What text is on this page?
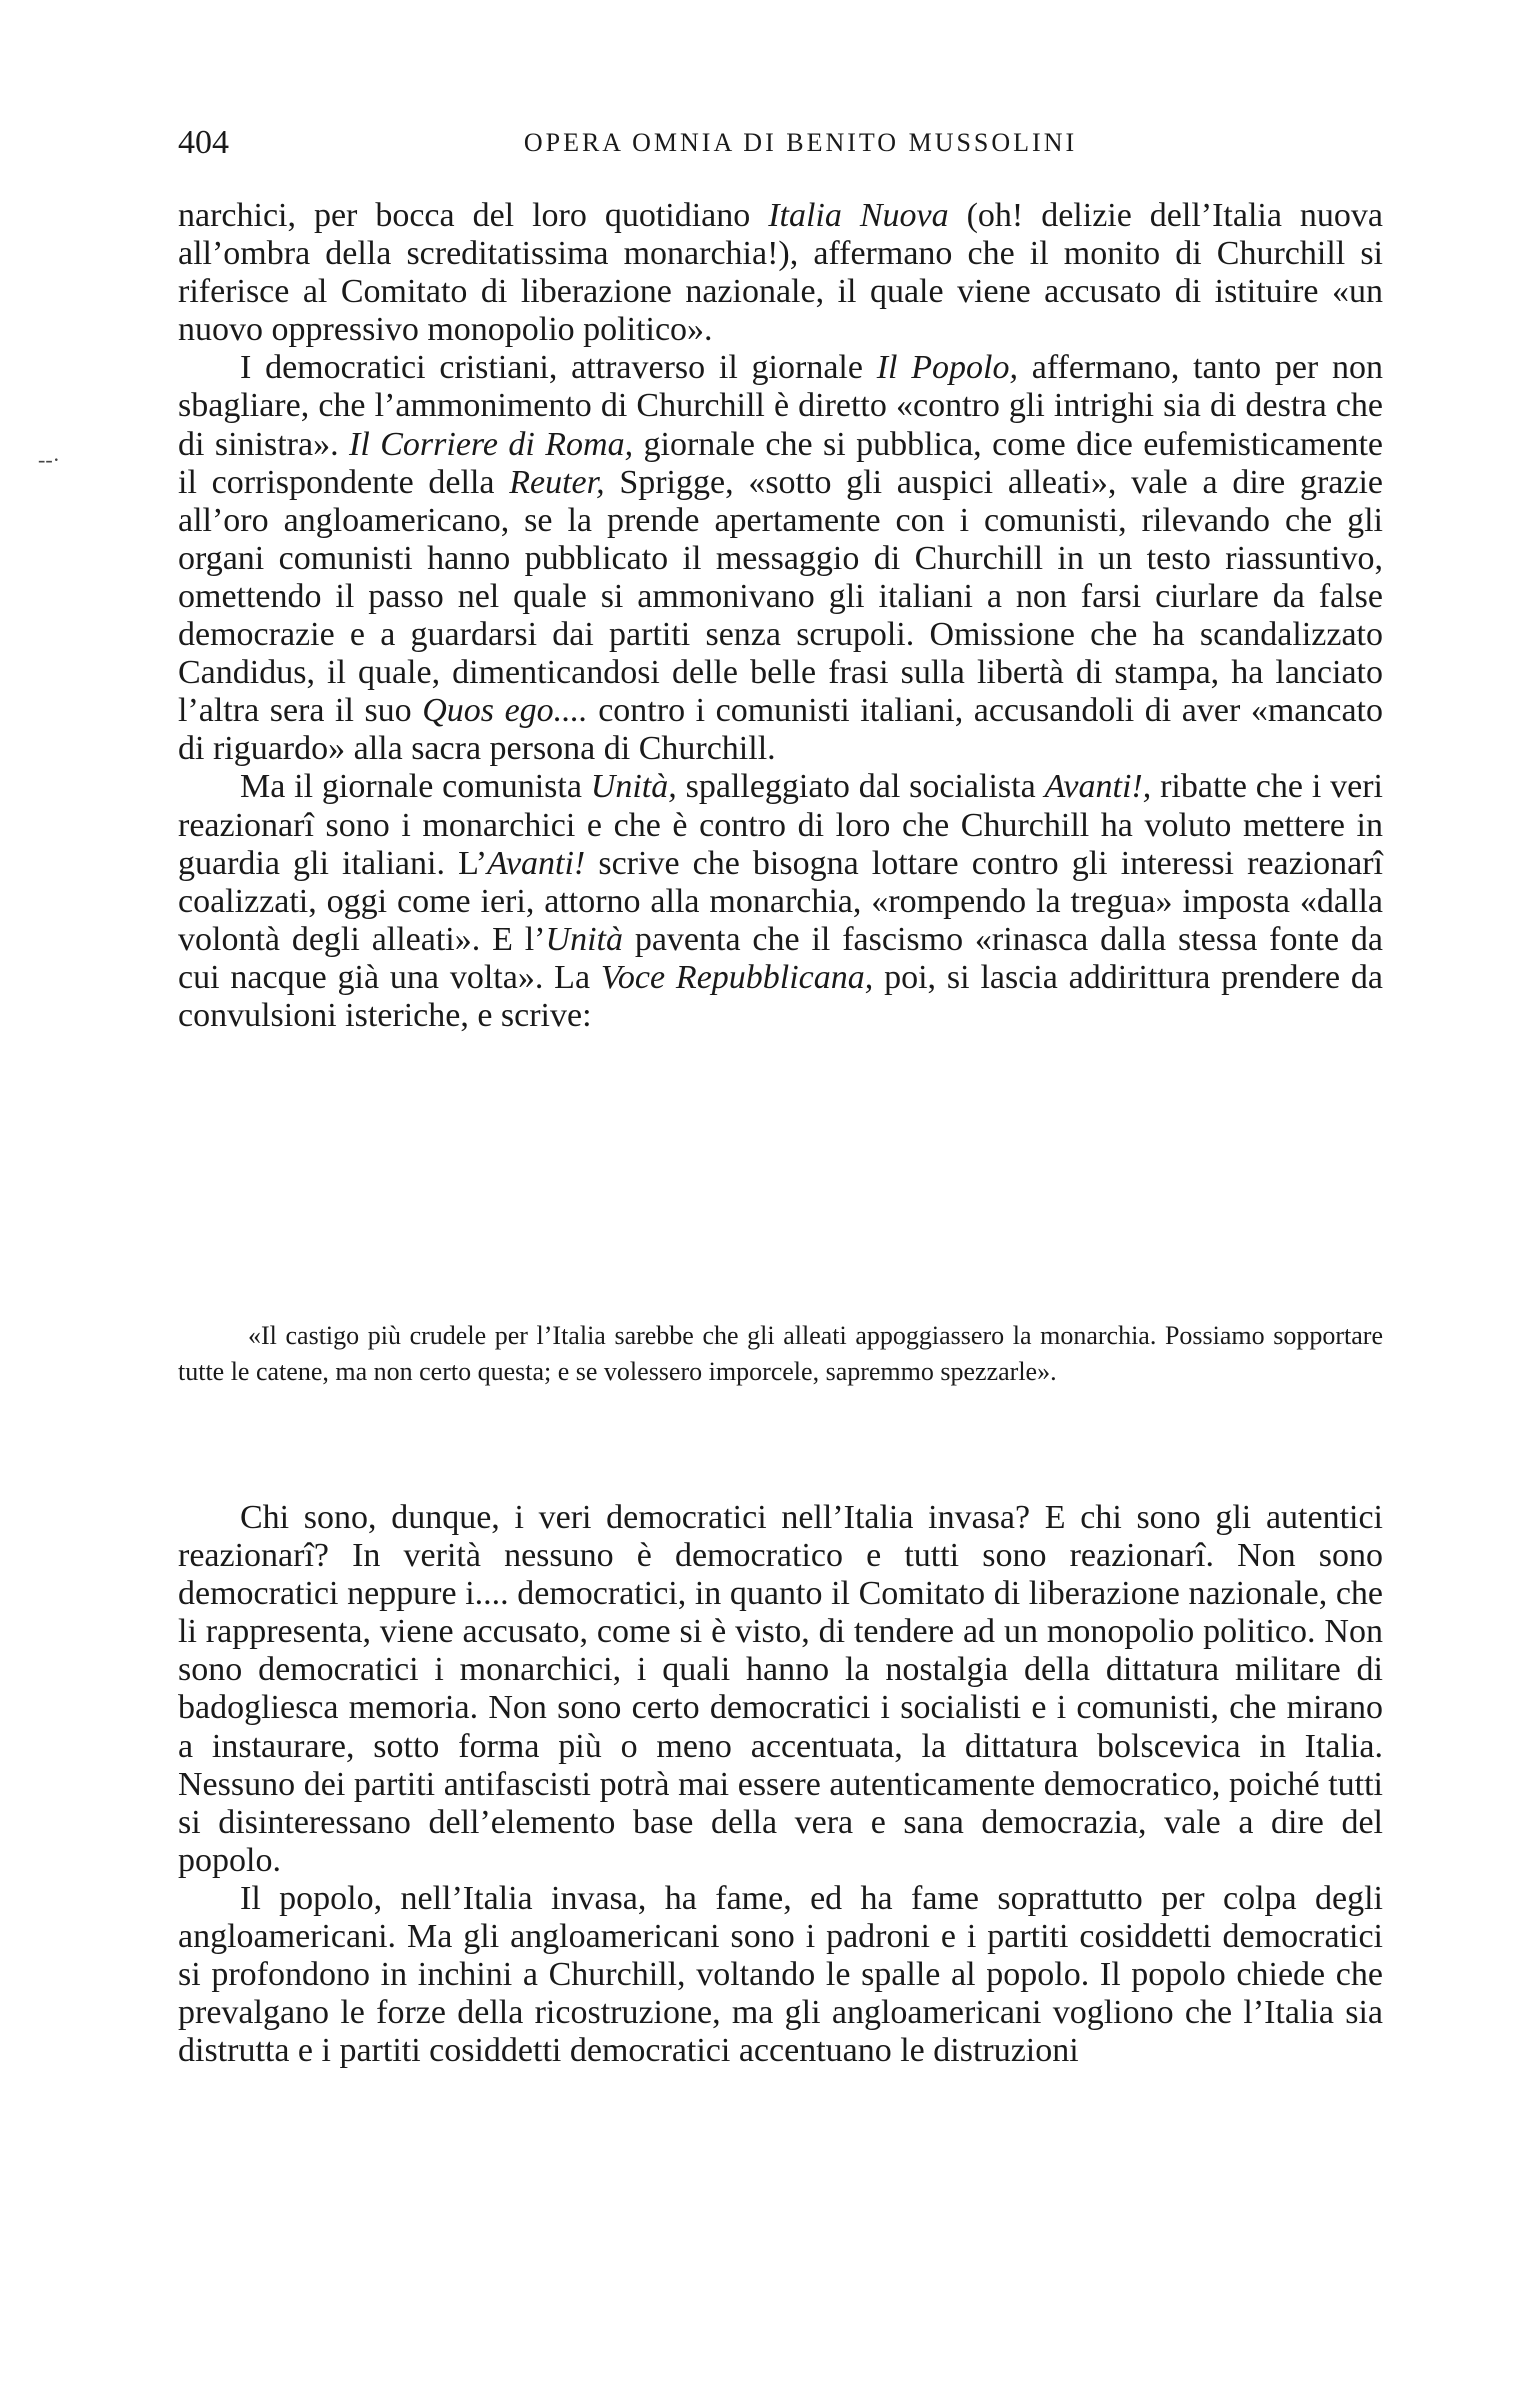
404	OPERA OMNIA DI BENITO MUSSOLINI
--·

narchici, per bocca del loro quotidiano Italia Nuova (oh! delizie dell’Italia nuova all’ombra della screditatissima monarchia!), affermano che il monito di Churchill si riferisce al Comitato di liberazione nazionale, il quale viene accusato di istituire «un nuovo oppressivo monopolio politico».

I democratici cristiani, attraverso il giornale Il Popolo, affermano, tanto per non sbagliare, che l’ammonimento di Churchill è diretto «contro gli intrighi sia di destra che di sinistra». Il Corriere di Roma, giornale che si pubblica, come dice eufemisticamente il corrispondente della Reuter, Sprigge, «sotto gli auspici alleati», vale a dire grazie all’oro angloamericano, se la prende apertamente con i comunisti, rilevando che gli organi comunisti hanno pubblicato il messaggio di Churchill in un testo riassuntivo, omettendo il passo nel quale si ammonivano gli italiani a non farsi ciurlare da false democrazie e a guardarsi dai partiti senza scrupoli. Omissione che ha scandalizzato Candidus, il quale, dimenticandosi delle belle frasi sulla libertà di stampa, ha lanciato l’altra sera il suo Quos ego.... contro i comunisti italiani, accusandoli di aver «mancato di riguardo» alla sacra persona di Churchill.

Ma il giornale comunista Unità, spalleggiato dal socialista Avanti!, ribatte che i veri reazionarî sono i monarchici e che è contro di loro che Churchill ha voluto mettere in guardia gli italiani. L’Avanti! scrive che bisogna lottare contro gli interessi reazionarî coalizzati, oggi come ieri, attorno alla monarchia, «rompendo la tregua» imposta «dalla volontà degli alleati». E l’Unità paventa che il fascismo «rinasca dalla stessa fonte da cui nacque già una volta». La Voce Repubblicana, poi, si lascia addirittura prendere da convulsioni isteriche, e scrive:

«Il castigo più crudele per l’Italia sarebbe che gli alleati appoggiassero la monarchia. Possiamo sopportare tutte le catene, ma non certo questa; e se volessero imporcele, sapremmo spezzarle».

Chi sono, dunque, i veri democratici nell’Italia invasa? E chi sono gli autentici reazionarî? In verità nessuno è democratico e tutti sono reazionarî. Non sono democratici neppure i.... democratici, in quanto il Comitato di liberazione nazionale, che li rappresenta, viene accusato, come si è visto, di tendere ad un monopolio politico. Non sono democratici i monarchici, i quali hanno la nostalgia della dittatura militare di badogliesca memoria. Non sono certo democratici i socialisti e i comunisti, che mirano a instaurare, sotto forma più o meno accentuata, la dittatura bolscevica in Italia. Nessuno dei partiti antifascisti potrà mai essere autenticamente democratico, poiché tutti si disinteressano dell’elemento base della vera e sana democrazia, vale a dire del popolo.

Il popolo, nell’Italia invasa, ha fame, ed ha fame soprattutto per colpa degli angloamericani. Ma gli angloamericani sono i padroni e i partiti cosiddetti democratici si profondono in inchini a Churchill, voltando le spalle al popolo. Il popolo chiede che prevalgano le forze della ricostruzione, ma gli angloamericani vogliono che l’Italia sia distrutta e i partiti cosiddetti democratici accentuano le distruzioni
